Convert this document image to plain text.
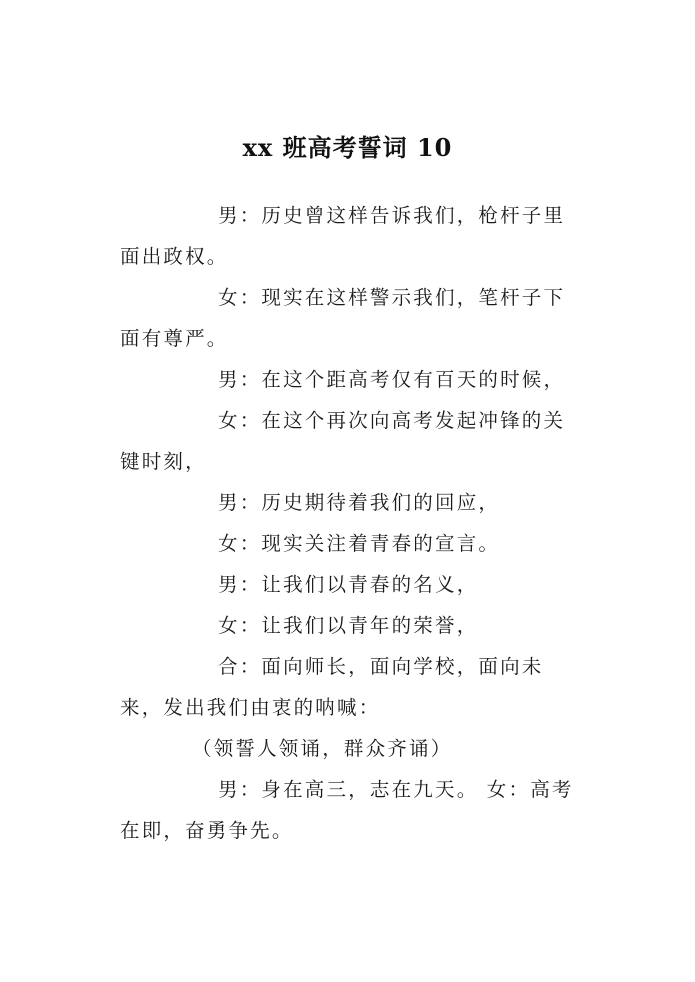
xx 班高考誓词 10

男：历史曾这样告诉我们，枪杆子里面出政权。

女：现实在这样警示我们，笔杆子下面有尊严。

男：在这个距高考仅有百天的时候，

女：在这个再次向高考发起冲锋的关键时刻，

男：历史期待着我们的回应，

女：现实关注着青春的宣言。

男：让我们以青春的名义，

女：让我们以青年的荣誉，

合：面向师长，面向学校，面向未来，发出我们由衷的呐喊：

（领誓人领诵，群众齐诵）

男：身在高三，志在九天。 女：高考在即，奋勇争先。
